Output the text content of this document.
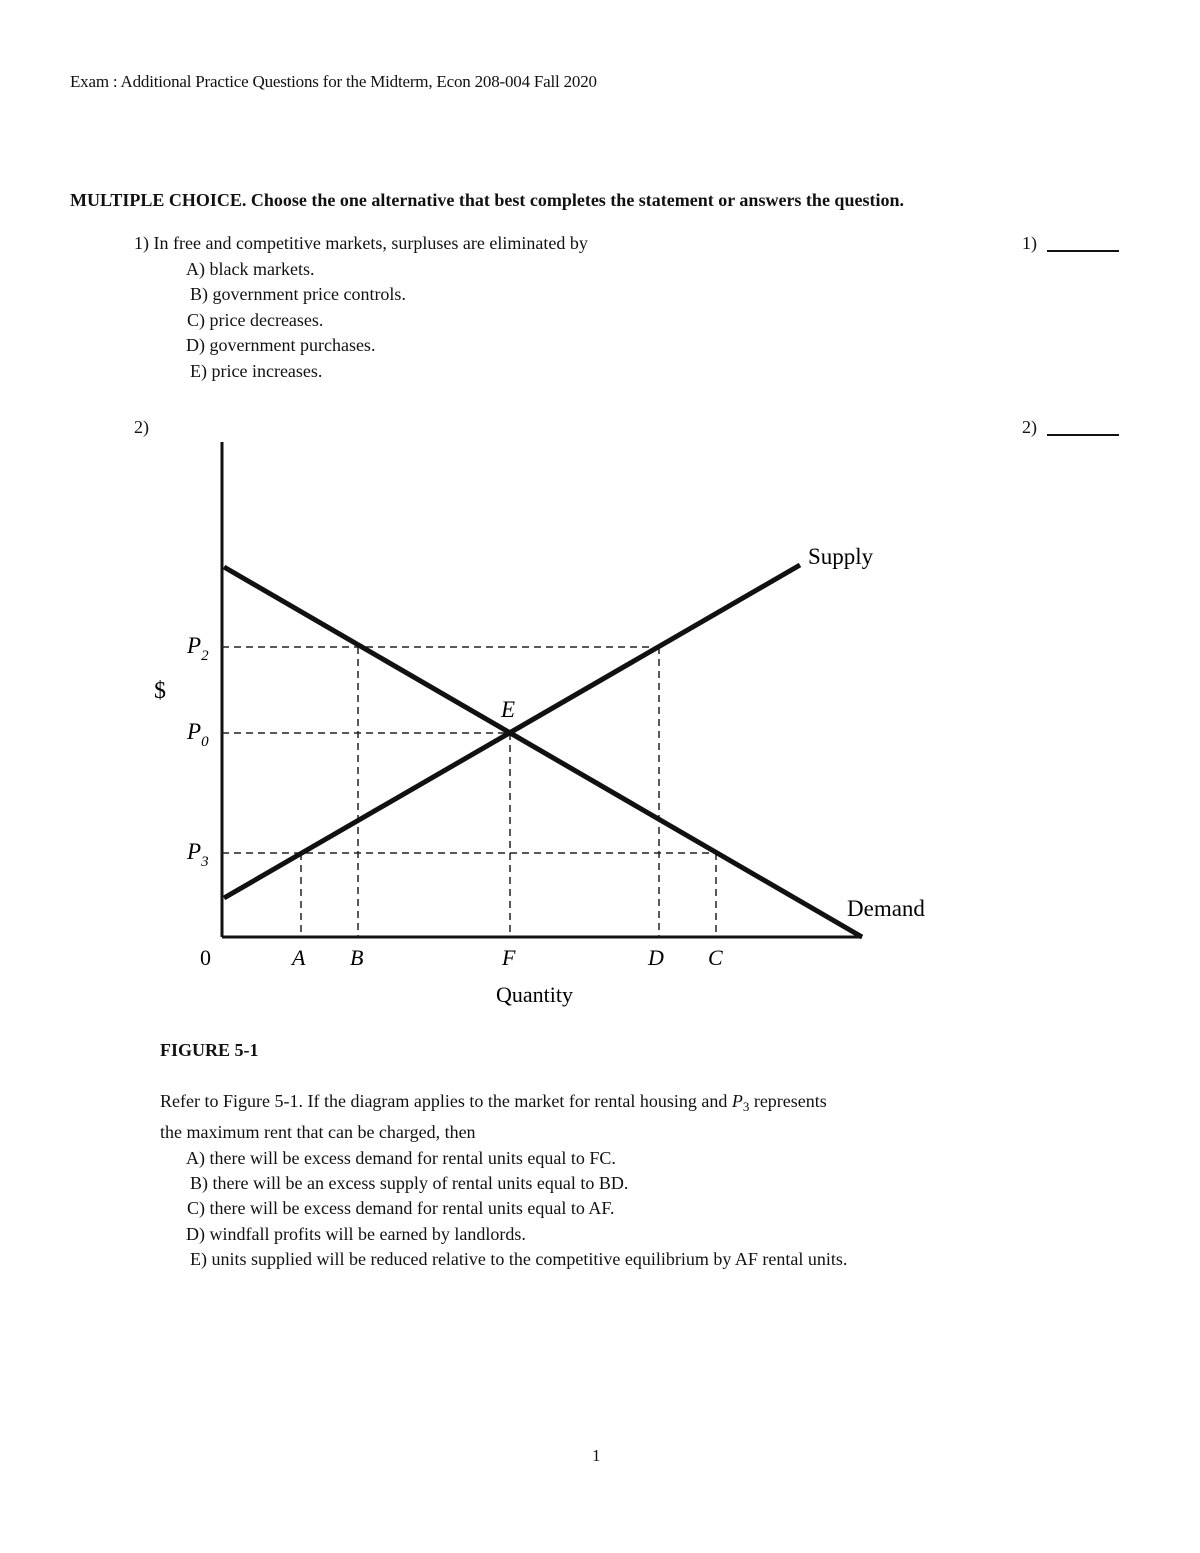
Exam : Additional Practice Questions for the Midterm, Econ 208-004 Fall 2020
MULTIPLE CHOICE. Choose the one alternative that best completes the statement or answers the question.
1) In free and competitive markets, surpluses are eliminated by	1)
A) black markets.
B) government price controls.
C) price decreases.
D) government purchases.
E) price increases.
2)	2)
Supply
Demand
E
$
$P_2$
$P_0$
$P_3$
0	A B	F	D C
Quantity
FIGURE 5-1
Refer to Figure 5-1. If the diagram applies to the market for rental housing and $P_3$ represents
the maximum rent that can be charged, then
A) there will be excess demand for rental units equal to FC.
B) there will be an excess supply of rental units equal to BD.
C) there will be excess demand for rental units equal to AF.
D) windfall profits will be earned by landlords.
E) units supplied will be reduced relative to the competitive equilibrium by AF rental units.
1
